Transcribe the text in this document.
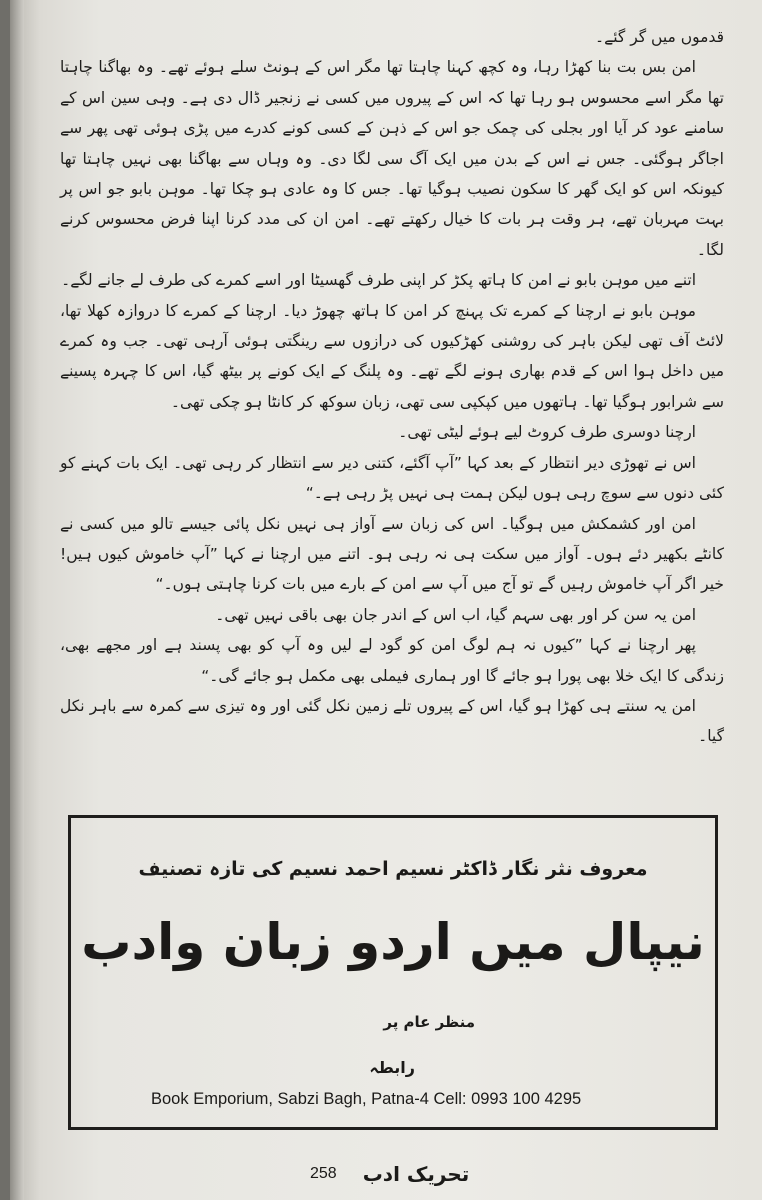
قدموں میں گر گئے۔

امن بس بت بنا کھڑا رہا، وہ کچھ کہنا چاہتا تھا مگر اس کے ہونٹ سلے ہوئے تھے۔ وہ بھاگنا چاہتا تھا مگر اسے محسوس ہو رہا تھا کہ اس کے پیروں میں کسی نے زنجیر ڈال دی ہے۔ وہی سین اس کے سامنے عود کر آیا اور بجلی کی چمک جو اس کے ذہن کے کسی کونے کدرے میں پڑی ہوئی تھی پھر سے اجاگر ہوگئی۔ جس نے اس کے بدن میں ایک آگ سی لگا دی۔ وہ وہاں سے بھاگنا بھی نہیں چاہتا تھا کیونکہ اس کو ایک گھر کا سکون نصیب ہوگیا تھا۔ جس کا وہ عادی ہو چکا تھا۔ موہن بابو جو اس پر بہت مہربان تھے، ہر وقت ہر بات کا خیال رکھتے تھے۔ امن ان کی مدد کرنا اپنا فرض محسوس کرنے لگا۔

اتنے میں موہن بابو نے امن کا ہاتھ پکڑ کر اپنی طرف گھسیٹا اور اسے کمرے کی طرف لے جانے لگے۔

موہن بابو نے ارچنا کے کمرے تک پہنچ کر امن کا ہاتھ چھوڑ دیا۔ ارچنا کے کمرے کا دروازہ کھلا تھا، لائٹ آف تھی لیکن باہر کی روشنی کھڑکیوں کی درازوں سے رینگتی ہوئی آرہی تھی۔ جب وہ کمرے میں داخل ہوا اس کے قدم بھاری ہونے لگے تھے۔ وہ پلنگ کے ایک کونے پر بیٹھ گیا، اس کا چہرہ پسینے سے شرابور ہوگیا تھا۔ ہاتھوں میں کپکپی سی تھی، زبان سوکھ کر کانٹا ہو چکی تھی۔

ارچنا دوسری طرف کروٹ لیے ہوئے لیٹی تھی۔

اس نے تھوڑی دیر انتظار کے بعد کہا ”آپ آگئے، کتنی دیر سے انتظار کر رہی تھی۔ ایک بات کہنے کو کئی دنوں سے سوچ رہی ہوں لیکن ہمت ہی نہیں پڑ رہی ہے۔“

امن اور کشمکش میں ہوگیا۔ اس کی زبان سے آواز ہی نہیں نکل پائی جیسے تالو میں کسی نے کانٹے بکھیر دئے ہوں۔ آواز میں سکت ہی نہ رہی ہو۔ اتنے میں ارچنا نے کہا ”آپ خاموش کیوں ہیں! خیر اگر آپ خاموش رہیں گے تو آج میں آپ سے امن کے بارے میں بات کرنا چاہتی ہوں۔“

امن یہ سن کر اور بھی سہم گیا، اب اس کے اندر جان بھی باقی نہیں تھی۔

پھر ارچنا نے کہا ”کیوں نہ ہم لوگ امن کو گود لے لیں وہ آپ کو بھی پسند ہے اور مجھے بھی، زندگی کا ایک خلا بھی پورا ہو جائے گا اور ہماری فیملی بھی مکمل ہو جائے گی۔“

امن یہ سنتے ہی کھڑا ہو گیا، اس کے پیروں تلے زمین نکل گئی اور وہ تیزی سے کمرہ سے باہر نکل گیا۔

معروف نثر نگار ڈاکٹر نسیم احمد نسیم کی تازہ تصنیف
نیپال میں اردو زبان وادب
منظر عام پر
رابطہ
Book Emporium, Sabzi Bagh, Patna-4 Cell: 0993 100 4295
258 تحریک ادب
